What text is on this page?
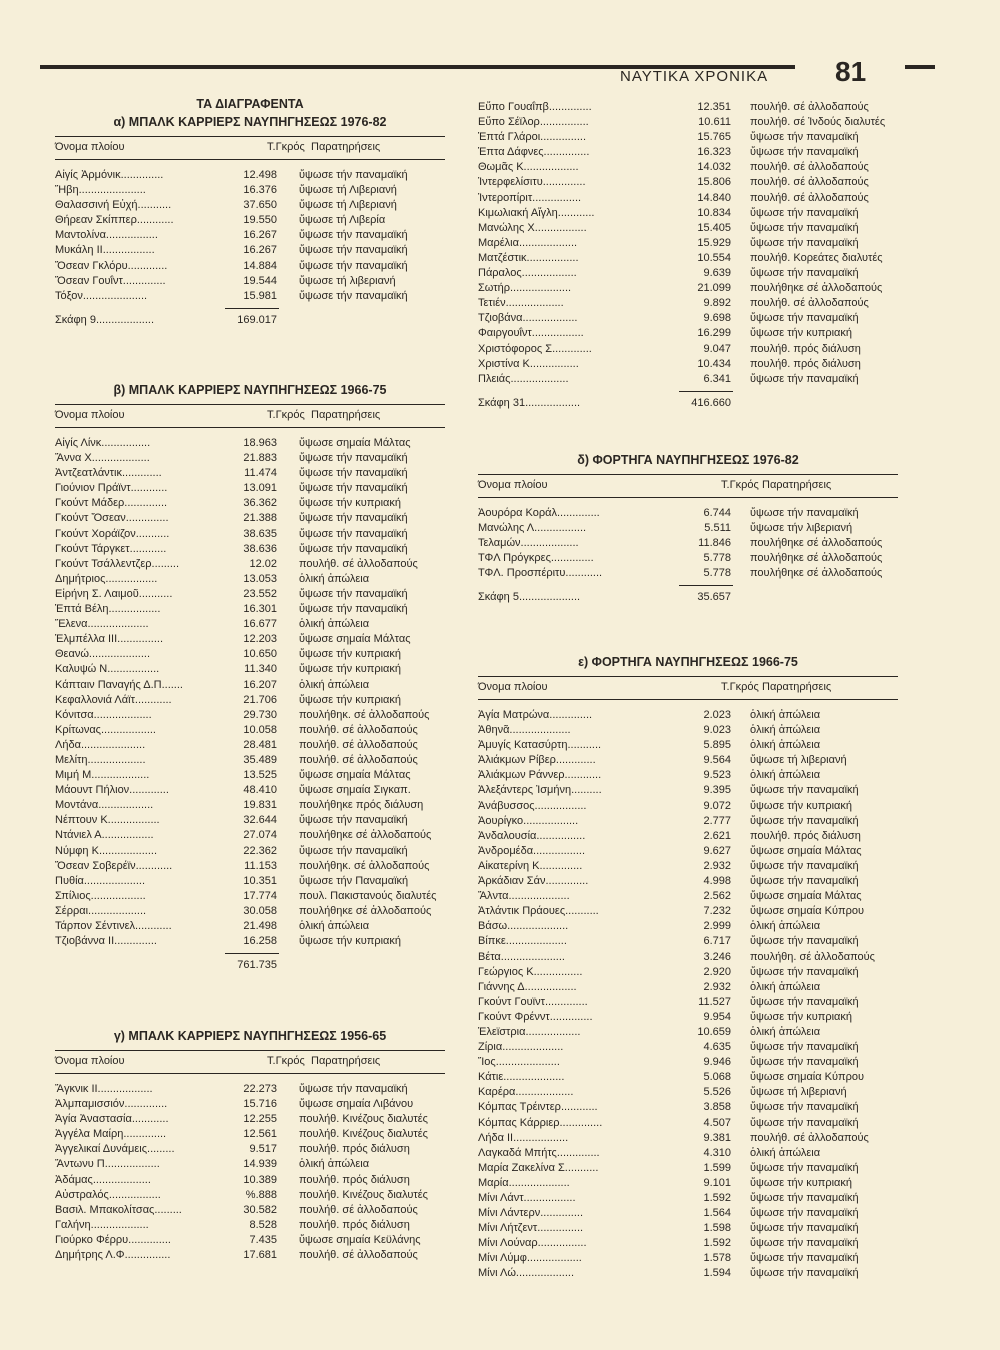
ΝΑΥΤΙΚΑ ΧΡΟΝΙΚΑ 81

ΤΑ ΔΙΑΓΡΑΦΕΝΤΑ

α) ΜΠΑΛΚ ΚΑΡΡΙΕΡΣ ΝΑΥΠΗΓΗΣΕΩΣ 1976-82

Όνομα πλοίου	Τ.Γκρός Παρατηρήσεις
Αἰγίς Ἀρμόνικ..............	12.498 ὕψωσε τήν παναμαϊκή
Ἥβη......................	16.376 ὕψωσε τή Λιβεριανή
Θαλασσινή Εὐχή...........	37.650 ὕψωσε τή Λιβεριανή
Θήρεαν Σκίππερ............	19.550 ὕψωσε τή Λιβερία
Μαντολίνα.................	16.267 ὕψωσε τήν παναμαϊκή
Μυκάλη ΙΙ.................	16.267 ὕψωσε τήν παναμαϊκή
Ὄσεαν Γκλόρυ.............	14.884 ὕψωσε τήν παναμαϊκή
Ὄσεαν Γουΐντ..............	19.544 ὕψωσε τή λιβεριανή
Τόξον.....................	15.981 ὕψωσε τήν παναμαϊκή
Σκάφη 9...................	169.017

β) ΜΠΑΛΚ ΚΑΡΡΙΕΡΣ ΝΑΥΠΗΓΗΣΕΩΣ 1966-75

Όνομα πλοίου	Τ.Γκρός Παρατηρήσεις
Αἰγίς Λίνκ................	18.963 ὕψωσε σημαία Μάλτας
Ἄννα Χ...................	21.883 ὕψωσε τήν παναμαϊκή
Ἀντζεατλάντικ.............	11.474 ὕψωσε τήν παναμαϊκή
Γιούνιον Πράϊντ............	13.091 ὕψωσε τήν παναμαϊκή
Γκούντ Μάδερ..............	36.362 ὕψωσε τήν κυπριακή
Γκούντ Ὄσεαν..............	21.388 ὕψωσε τήν παναμαϊκή
Γκούντ Χοράϊζον...........	38.635 ὕψωσε τήν παναμαϊκή
Γκούντ Τάργκετ............	38.636 ὕψωσε τήν παναμαϊκή
Γκούντ Τσάλλεντζερ.........	12.02 πουλήθ. σέ ἀλλοδαπούς
Δημήτριος.................	13.053 ὁλική ἀπώλεια
Εἰρήνη Σ. Λαιμοῦ...........	23.552 ὕψωσε τήν παναμαϊκή
Ἑπτά Βέλη.................	16.301 ὕψωσε τήν παναμαϊκή
Ἔλενα....................	16.677 ὁλική ἀπώλεια
Ἐλμπέλλα ΙΙΙ...............	12.203 ὕψωσε σημαία Μάλτας
Θεανώ....................	10.650 ὕψωσε τήν κυπριακή
Καλυψώ Ν.................	11.340 ὕψωσε τήν κυπριακή
Κάπταιν Παναγής Δ.Π.......	16.207 ὁλική ἀπώλεια
Κεφαλλονιά Λάϊτ............	21.706 ὕψωσε τήν κυπριακή
Κόνιτσα...................	29.730 πουλήθηκ. σέ ἀλλοδαπούς
Κρίτωνας..................	10.058 πουλήθ. σέ ἀλλοδαπούς
Λήδα.....................	28.481 πουλήθ. σέ ἀλλοδαπούς
Μελίτη...................	35.489 πουλήθ. σέ ἀλλοδαπούς
Μιμή Μ...................	13.525 ὕψωσε σημαία Μάλτας
Μάουντ Πήλιον.............	48.410 ὕψωσε σημαία Σιγκαπ.
Μοντάνα..................	19.831 πουλήθηκε πρός διάλυση
Νέπτουν Κ.................	32.644 ὕψωσε τήν παναμαϊκή
Ντάνιελ Α.................	27.074 πουλήθηκε σέ ἀλλοδαπούς
Νύμφη Κ...................	22.362 ὕψωσε τήν παναμαϊκή
Ὄσεαν Σοβερέϊν............	11.153 πουλήθηκ. σέ ἀλλοδαπούς
Πυθία....................	10.351 ὕψωσε τήν Παναμαϊκή
Σπίλιος..................	17.774 πουλ. Πακιστανούς διαλυτές
Σέρραι...................	30.058 πουλήθηκε σέ ἀλλοδαπούς
Τάρπον Σέντινελ............	21.498 ὁλική ἀπώλεια
Τζιοβάννα ΙΙ..............	16.258 ὕψωσε τήν κυπριακή
761.735

γ) ΜΠΑΛΚ ΚΑΡΡΙΕΡΣ ΝΑΥΠΗΓΗΣΕΩΣ 1956-65

Όνομα πλοίου	Τ.Γκρός Παρατηρήσεις
Ἄγκνικ ΙΙ..................	22.273 ὕψωσε τήν παναμαϊκή
Ἀλμπαμισσιόν..............	15.716 ὕψωσε σημαία Λιβάνου
Ἁγία Ἀναστασία............	12.255 πουλήθ. Κινέζους διαλυτές
Ἀγγέλα Μαίρη..............	12.561 πουλήθ. Κινέζους διαλυτές
Ἀγγελικαί Δυνάμεις.........	9.517 πουλήθ. πρός διάλυση
Ἄντωνυ Π..................	14.939 ὁλική ἀπώλεια
Ἀδάμας...................	10.389 πουλήθ. πρός διάλυση
Αὐστραλός.................	%.888 πουλήθ. Κινέζους διαλυτές
Βασιλ. Μπακολίτσας.........	30.582 πουλήθ. σέ ἀλλοδαπούς
Γαλήνη...................	8.528 πουλήθ. πρός διάλυση
Γιούρκο Φέρρυ..............	7.435 ὕψωσε σημαία Κεϋλάνης
Δημήτρης Λ.Φ...............	17.681 πουλήθ. σέ ἀλλοδαπούς
Εὔπο Γουαΐπβ..............	12.351 πουλήθ. σέ ἀλλοδαπούς
Εὔπο Σέϊλορ................	10.611 πουλήθ. σέ Ἰνδούς διαλυτές
Ἑπτά Γλάροι...............	15.765 ὕψωσε τήν παναμαϊκή
Ἑπτα Δάφνες...............	16.323 ὕψωσε τήν παναμαϊκή
Θωμᾶς Κ..................	14.032 πουλήθ. σέ ἀλλοδαπούς
Ἰντερφελίσιτυ..............	15.806 πουλήθ. σέ ἀλλοδαπούς
Ἰντεροπίριτ................	14.840 πουλήθ. σέ ἀλλοδαπούς
Κιμωλιακή Αἴγλη............	10.834 ὕψωσε τήν παναμαϊκή
Μανώλης Χ.................	15.405 ὕψωσε τήν παναμαϊκή
Μαρέλια...................	15.929 ὕψωσε τήν παναμαϊκή
Ματζέστικ.................	10.554 πουλήθ. Κορεάτες διαλυτές
Πάραλος..................	9.639 ὕψωσε τήν παναμαϊκή
Σωτήρ....................	21.099 πουλήθηκε σέ ἀλλοδαπούς
Τετιέν...................	9.892 πουλήθ. σέ ἀλλοδαπούς
Τζιοβάνα..................	9.698 ὕψωσε τήν παναμαϊκή
Φαιργουΐντ.................	16.299 ὕψωσε τήν κυπριακή
Χριστόφορος Σ.............	9.047 πουλήθ. πρός διάλυση
Χριστίνα Κ................	10.434 πουλήθ. πρός διάλυση
Πλειάς...................	6.341 ὕψωσε τήν παναμαϊκή
Σκάφη 31..................	416.660

δ) ΦΟΡΤΗΓΑ ΝΑΥΠΗΓΗΣΕΩΣ 1976-82

Όνομα πλοίου	Τ.Γκρός Παρατηρήσεις
Ἀουρόρα Κοράλ..............	6.744 ὕψωσε τήν παναμαϊκή
Μανώλης Λ.................	5.511 ὕψωσε τήν λιβεριανή
Τελαμών...................	11.846 πουλήθηκε σέ ἀλλοδαπούς
ΤΦΛ Πρόγκρες..............	5.778 πουλήθηκε σέ ἀλλοδαπούς
ΤΦΛ. Προσπέριτυ............	5.778 πουλήθηκε σέ ἀλλοδαπούς
Σκάφη 5....................	35.657

ε) ΦΟΡΤΗΓΑ ΝΑΥΠΗΓΗΣΕΩΣ 1966-75

Όνομα πλοίου	Τ.Γκρός Παρατηρήσεις
Ἁγία Ματρώνα..............	2.023 ὁλική ἀπώλεια
Ἀθηνᾶ....................	9.023 ὁλική ἀπώλεια
Ἀμυγίς Κατασύρτη...........	5.895 ὁλική ἀπώλεια
Ἀλιάκμων Ρίβερ.............	9.564 ὕψωσε τή λιβεριανή
Ἀλιάκμων Ράννερ............	9.523 ὁλική ἀπώλεια
Ἀλεξάντερς Ἰσμήνη..........	9.395 ὕψωσε τήν παναμαϊκή
Ἀνάβυσσος.................	9.072 ὕψωσε τήν κυπριακή
Ἀουρίγκο..................	2.777 ὕψωσε τήν παναμαϊκή
Ἀνδαλουσία................	2.621 πουλήθ. πρός διάλυση
Ἀνδρομέδα.................	9.627 ὕψωσε σημαία Μάλτας
Αἰκατερίνη Κ..............	2.932 ὕψωσε τήν παναμαϊκή
Ἀρκάδιαν Σάν..............	4.998 ὕψωσε τήν παναμαϊκή
Ἄλντα....................	2.562 ὕψωσε σημαία Μάλτας
Ἀτλάντικ Πράουες...........	7.232 ὕψωσε σημαία Κύπρου
Βάσω....................	2.999 ὁλική ἀπώλεια
Βίπκε....................	6.717 ὕψωσε τήν παναμαϊκή
Βέτα.....................	3.246 πουλήθη. σέ ἀλλοδαπούς
Γεώργιος Κ................	2.920 ὕψωσε τήν παναμαϊκή
Γιάννης Δ.................	2.932 ὁλική ἀπώλεια
Γκούντ Γουϊντ..............	11.527 ὕψωσε τήν παναμαϊκή
Γκούντ Φρένντ..............	9.954 ὕψωσε τήν κυπριακή
Ἐλεϊστρια..................	10.659 ὁλική ἀπώλεια
Ζίρια....................	4.635 ὕψωσε τήν παναμαϊκή
Ἴος.....................	9.946 ὕψωσε τήν παναμαϊκή
Κάτιε....................	5.068 ὕψωσε σημαία Κύπρου
Καρέρα...................	5.526 ὕψωσε τή λιβεριανή
Κόμπας Τρέιντερ............	3.858 ὕψωσε τήν παναμαϊκή
Κόμπας Κάρριερ..............	4.507 ὕψωσε τήν παναμαϊκή
Λήδα ΙΙ..................	9.381 πουλήθ. σέ ἀλλοδαπούς
Λαγκαδά Μπήτς..............	4.310 ὁλική ἀπώλεια
Μαρία Ζακελίνα Σ...........	1.599 ὕψωσε τήν παναμαϊκή
Μαρία....................	9.101 ὕψωσε τήν κυπριακή
Μίνι Λάντ.................	1.592 ὕψωσε τήν παναμαϊκή
Μίνι Λάντερν..............	1.564 ὕψωσε τήν παναμαϊκή
Μίνι Λήτζεντ...............	1.598 ὕψωσε τήν παναμαϊκή
Μίνι Λούναρ................	1.592 ὕψωσε τήν παναμαϊκή
Μίνι Λύμφ..................	1.578 ὕψωσε τήν παναμαϊκή
Μίνι Λώ...................	1.594 ὕψωσε τήν παναμαϊκή
